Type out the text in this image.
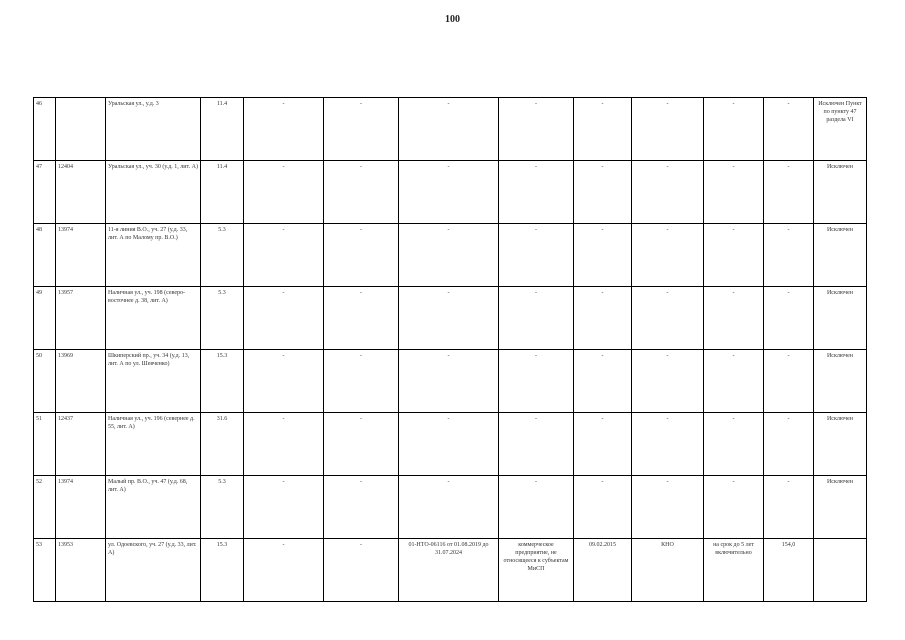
100
46		Уральская ул., у.д. 3	11.4	-	-	-	-	-	-	-	-	Исключен Пункт по пункту 47 раздела VI
47	12404	Уральская ул., уч. 30 (у.д. 1, лит. А)	11.4	-	-	-	-	-	-	-	-	Исключен
48	13974	11-я линия В.О., уч. 27 (у.д. 33, лит. А по Малому пр. В.О.)	5.3	-	-	-	-	-	-	-	-	Исключен
49	13957	Наличная ул., уч. 198 (северо-восточнее д. 38, лит. А)	5.3	-	-	-	-	-	-	-	-	Исключен
50	13969	Шкиперский пр., уч. 34 (у.д. 13, лит. А по ул. Шевченко)	15.3	-	-	-	-	-	-	-	-	Исключен
51	12437	Наличная ул., уч. 196 (севернее д. 55, лит. А)	31.6	-	-	-	-	-	-	-	-	Исключен
52	13974	Малый пр. В.О., уч. 47 (у.д. 68, лит. А)	5.3	-	-	-	-	-	-	-	-	Исключен
53	13953	ул. Одоевского, уч. 27 (у.д. 33, лит. А)	15.3	-	-	01-НТО-06116 от 01.08.2019 до 31.07.2024	коммерческое предприятие, не относящееся к субъектам МиСП	09.02.2015	КНО	на срок до 5 лет включительно	154,0	
